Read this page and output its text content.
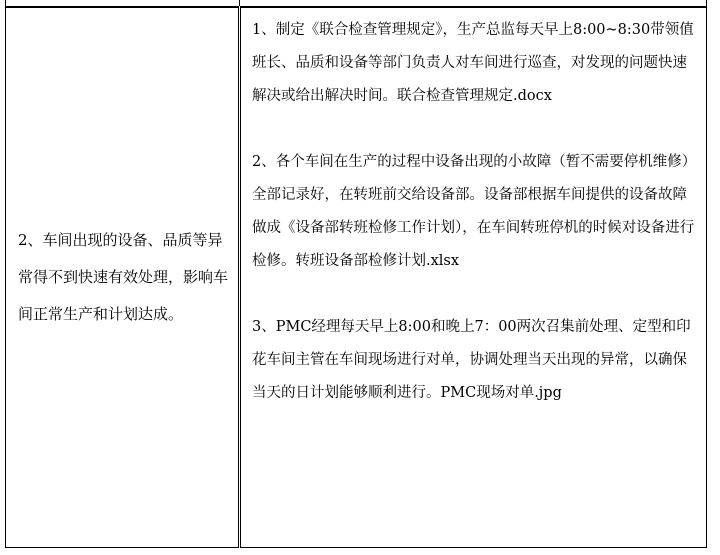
2、车间出现的设备、品质等异常得不到快速有效处理，影响车间正常生产和计划达成。	1、制定《联合检查管理规定》，生产总监每天早上8:00~8:30带领值班长、品质和设备等部门负责人对车间进行巡查，对发现的问题快速解决或给出解决时间。联合检查管理规定.docx

2、各个车间在生产的过程中设备出现的小故障（暂不需要停机维修）全部记录好，在转班前交给设备部。设备部根据车间提供的设备故障做成《设备部转班检修工作计划），在车间转班停机的时候对设备进行检修。转班设备部检修计划.xlsx

3、PMC经理每天早上8:00和晚上7：00两次召集前处理、定型和印花车间主管在车间现场进行对单，协调处理当天出现的异常，以确保当天的日计划能够顺利进行。PMC现场对单.jpg
